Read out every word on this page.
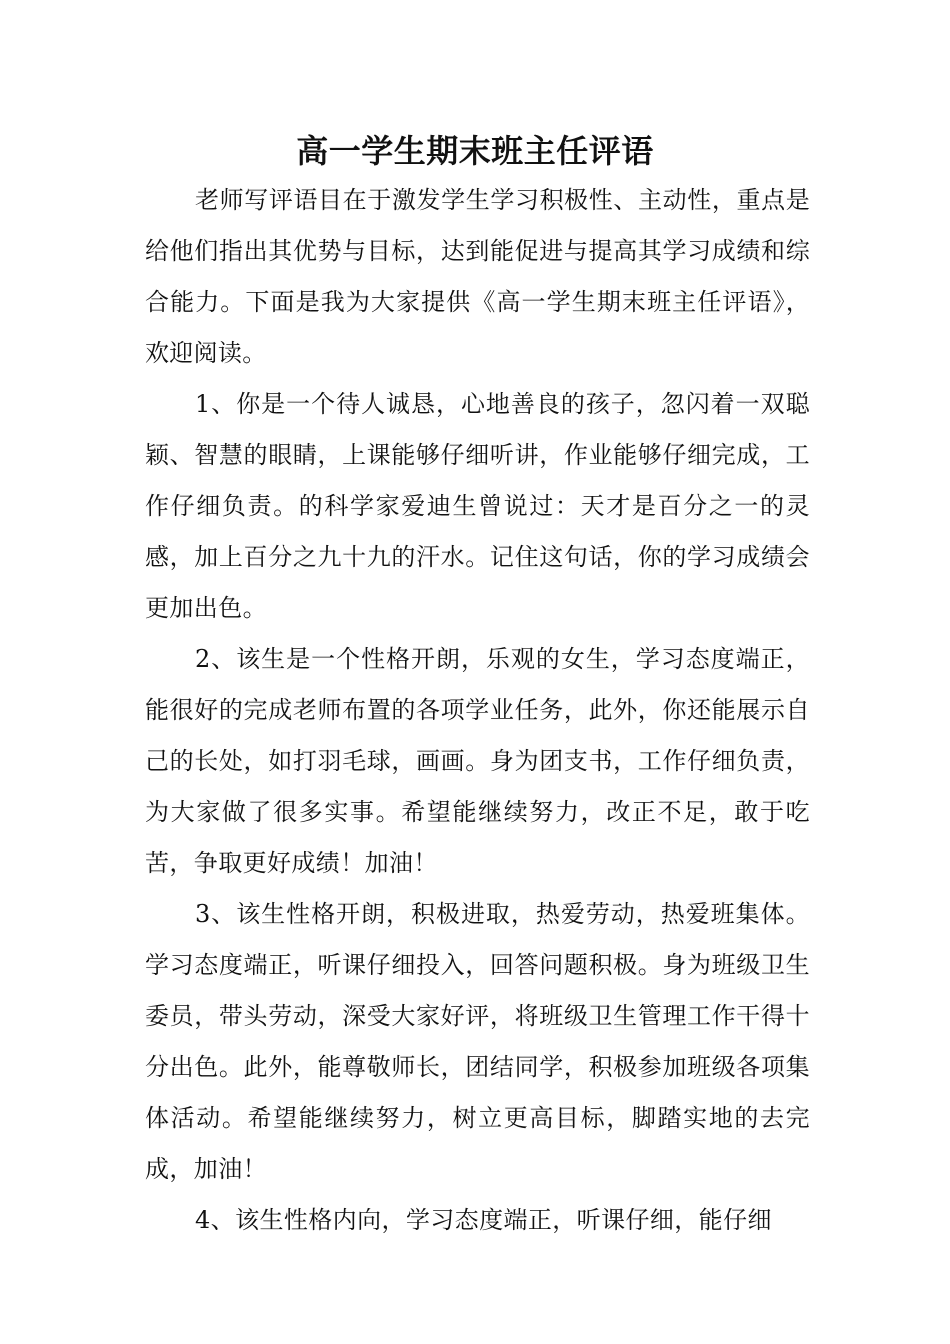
高一学生期末班主任评语

老师写评语目在于激发学生学习积极性、主动性，重点是给他们指出其优势与目标，达到能促进与提高其学习成绩和综合能力。下面是我为大家提供《高一学生期末班主任评语》，欢迎阅读。

1、你是一个待人诚恳，心地善良的孩子，忽闪着一双聪颖、智慧的眼睛，上课能够仔细听讲，作业能够仔细完成，工作仔细负责。的科学家爱迪生曾说过：天才是百分之一的灵感，加上百分之九十九的汗水。记住这句话，你的学习成绩会更加出色。

2、该生是一个性格开朗，乐观的女生，学习态度端正，能很好的完成老师布置的各项学业任务，此外，你还能展示自己的长处，如打羽毛球，画画。身为团支书，工作仔细负责，为大家做了很多实事。希望能继续努力，改正不足，敢于吃苦，争取更好成绩！加油！

3、该生性格开朗，积极进取，热爱劳动，热爱班集体。学习态度端正，听课仔细投入，回答问题积极。身为班级卫生委员，带头劳动，深受大家好评，将班级卫生管理工作干得十分出色。此外，能尊敬师长，团结同学，积极参加班级各项集体活动。希望能继续努力，树立更高目标，脚踏实地的去完成，加油！

4、该生性格内向，学习态度端正，听课仔细，能仔细
